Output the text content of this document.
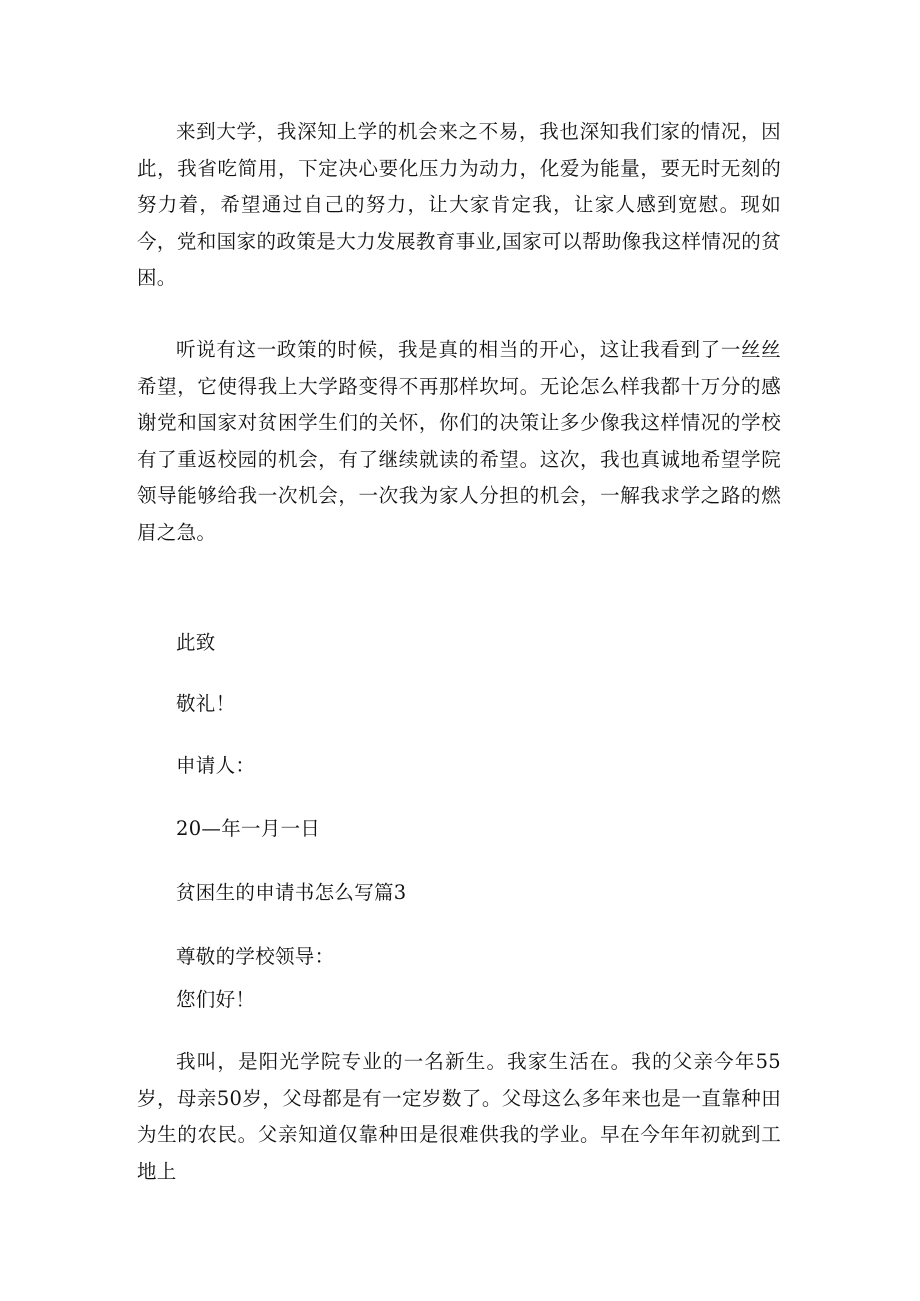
来到大学，我深知上学的机会来之不易，我也深知我们家的情况，因此，我省吃简用，下定决心要化压力为动力，化爱为能量，要无时无刻的努力着，希望通过自己的努力，让大家肯定我，让家人感到宽慰。现如今，党和国家的政策是大力发展教育事业,国家可以帮助像我这样情况的贫困。

听说有这一政策的时候，我是真的相当的开心，这让我看到了一丝丝希望，它使得我上大学路变得不再那样坎坷。无论怎么样我都十万分的感谢党和国家对贫困学生们的关怀，你们的决策让多少像我这样情况的学校有了重返校园的机会，有了继续就读的希望。这次，我也真诚地希望学院领导能够给我一次机会，一次我为家人分担的机会，一解我求学之路的燃眉之急。

此致

敬礼！

申请人：

20—年一月一日

贫困生的申请书怎么写篇3

尊敬的学校领导：

您们好！

我叫，是阳光学院专业的一名新生。我家生活在。我的父亲今年55岁，母亲50岁，父母都是有一定岁数了。父母这么多年来也是一直靠种田为生的农民。父亲知道仅靠种田是很难供我的学业。早在今年年初就到工地上
